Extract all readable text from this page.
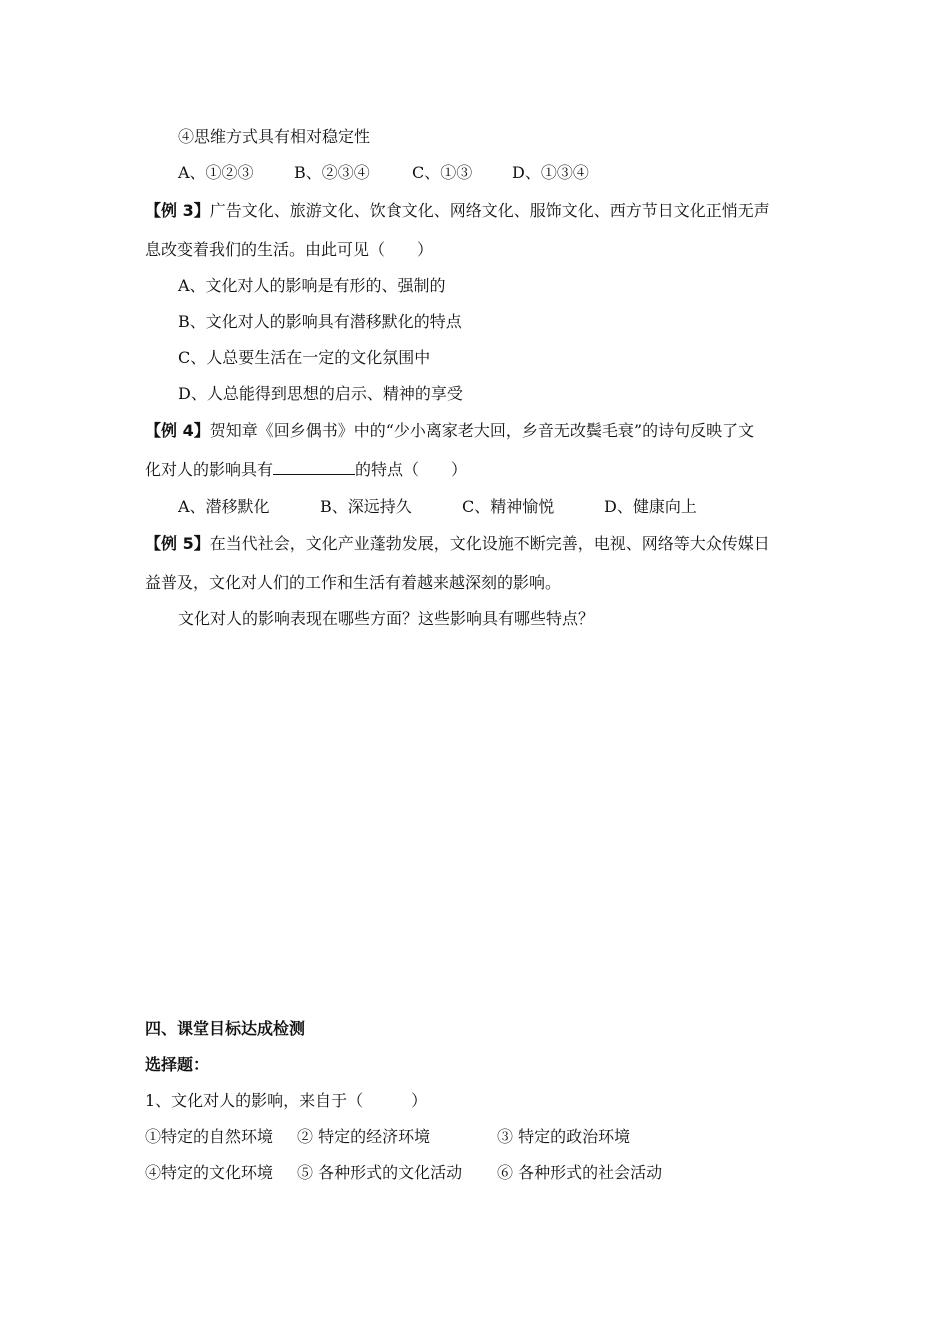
④思维方式具有相对稳定性
A、①②③	B、②③④	C、①③ D、①③④
【例 3】广告文化、旅游文化、饮食文化、网络文化、服饰文化、西方节日文化正悄无声
息改变着我们的生活。由此可见（　　）
A、文化对人的影响是有形的、强制的
B、文化对人的影响具有潜移默化的特点
C、人总要生活在一定的文化氛围中
D、人总能得到思想的启示、精神的享受
【例 4】贺知章《回乡偶书》中的“少小离家老大回，乡音无改鬓毛衰”的诗句反映了文
化对人的影响具有	的特点（　　）
A、潜移默化	B、深远持久	C、精神愉悦	D、健康向上
【例 5】在当代社会，文化产业蓬勃发展，文化设施不断完善，电视、网络等大众传媒日
益普及，文化对人们的工作和生活有着越来越深刻的影响。
文化对人的影响表现在哪些方面？这些影响具有哪些特点？
四、课堂目标达成检测
选择题：
1、文化对人的影响，来自于（　　　）
①特定的自然环境 ② 特定的经济环境	③ 特定的政治环境
④特定的文化环境 ⑤ 各种形式的文化活动 ⑥ 各种形式的社会活动
